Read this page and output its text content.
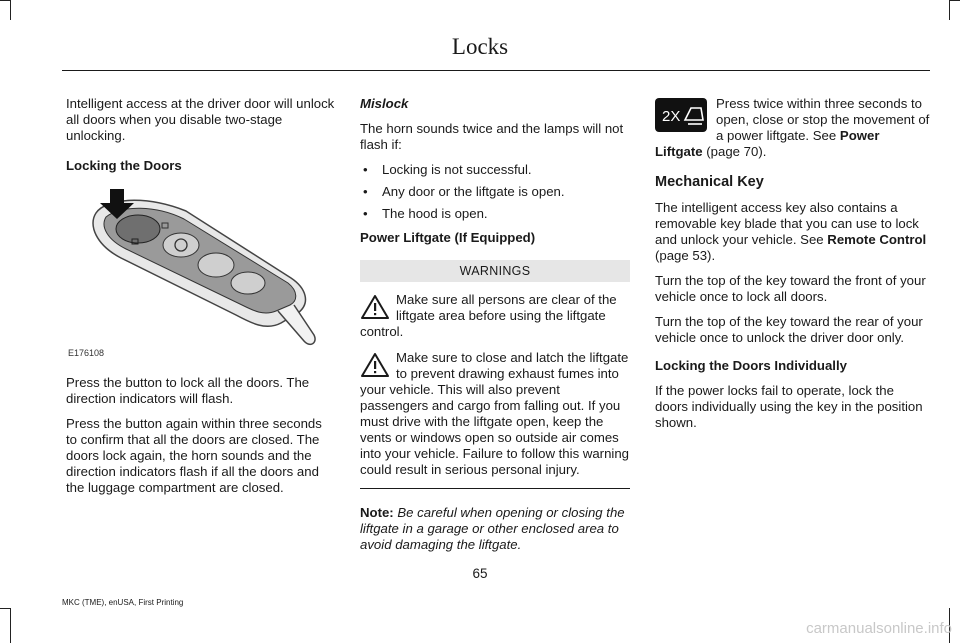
Locks

Intelligent access at the driver door will unlock all doors when you disable two-stage unlocking.

Locking the Doors

E176108

Press the button to lock all the doors. The direction indicators will flash.

Press the button again within three seconds to confirm that all the doors are closed. The doors lock again, the horn sounds and the direction indicators flash if all the doors and the luggage compartment are closed.

Mislock

The horn sounds twice and the lamps will not flash if:

• Locking is not successful.
• Any door or the liftgate is open.
• The hood is open.

Power Liftgate (If Equipped)

WARNINGS
Make sure all persons are clear of the liftgate area before using the liftgate control.
Make sure to close and latch the liftgate to prevent drawing exhaust fumes into your vehicle. This will also prevent passengers and cargo from falling out. If you must drive with the liftgate open, keep the vents or windows open so outside air comes into your vehicle. Failure to follow this warning could result in serious personal injury.

Note: Be careful when opening or closing the liftgate in a garage or other enclosed area to avoid damaging the liftgate.

2X
Press twice within three seconds to open, close or stop the movement of a power liftgate. See Power Liftgate (page 70).
Mechanical Key

The intelligent access key also contains a removable key blade that you can use to lock and unlock your vehicle. See Remote Control (page 53).

Turn the top of the key toward the front of your vehicle once to lock all doors.

Turn the top of the key toward the rear of your vehicle once to unlock the driver door only.

Locking the Doors Individually

If the power locks fail to operate, lock the doors individually using the key in the position shown.

65
MKC (TME), enUSA, First Printing
carmanualsonline.info
